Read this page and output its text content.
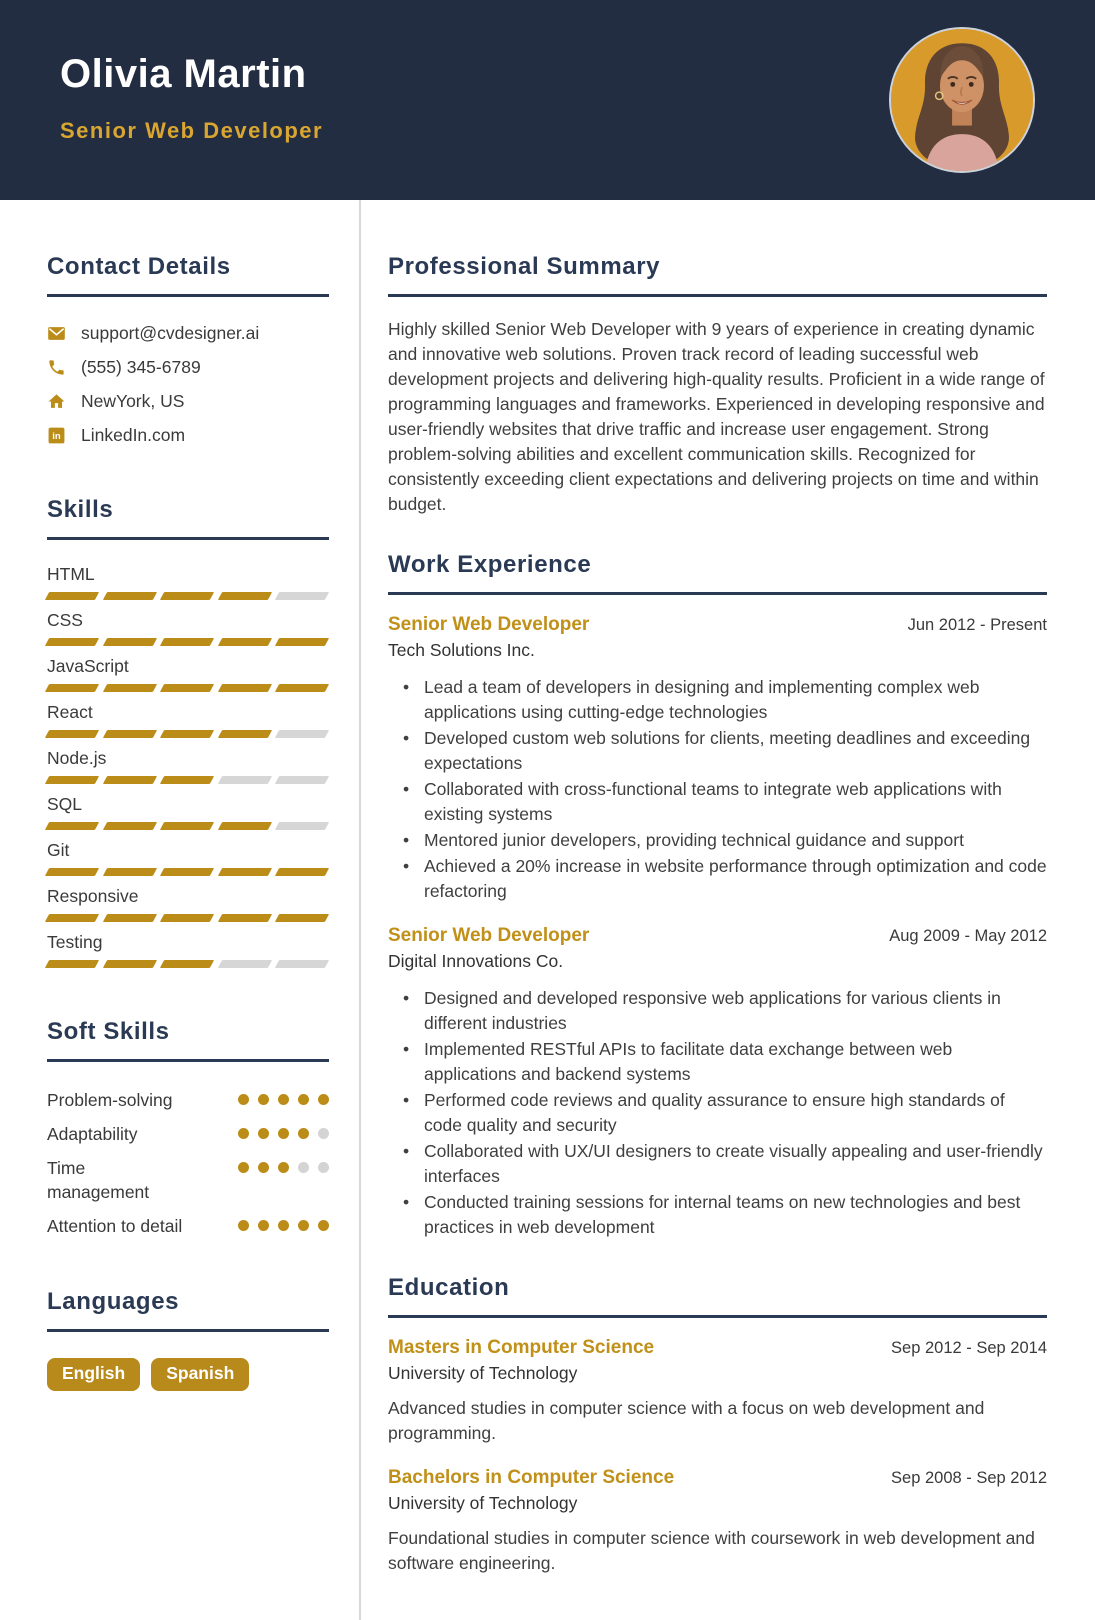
Olivia Martin
Senior Web Developer
Contact Details
support@cvdesigner.ai
(555) 345-6789
NewYork, US
in LinkedIn.com
Skills
HTML
CSS
JavaScript
React
Node.js
SQL
Git
Responsive
Testing
Soft Skills
Problem-solving
Adaptability
Time
management
Attention to detail
Languages
English	Spanish
Professional Summary

Highly skilled Senior Web Developer with 9 years of experience in creating dynamic and innovative web solutions. Proven track record of leading successful web development projects and delivering high-quality results. Proficient in a wide range of programming languages and frameworks. Experienced in developing responsive and user-friendly websites that drive traffic and increase user engagement. Strong problem-solving abilities and excellent communication skills. Recognized for consistently exceeding client expectations and delivering projects on time and within budget.

Work Experience
Senior Web Developer	Jun 2012 - Present
Tech Solutions Inc.
• Lead a team of developers in designing and implementing complex web applications using cutting-edge technologies
• Developed custom web solutions for clients, meeting deadlines and exceeding expectations
• Collaborated with cross-functional teams to integrate web applications with existing systems
• Mentored junior developers, providing technical guidance and support
• Achieved a 20% increase in website performance through optimization and code refactoring
Senior Web Developer	Aug 2009 - May 2012
Digital Innovations Co.
• Designed and developed responsive web applications for various clients in different industries
• Implemented RESTful APIs to facilitate data exchange between web applications and backend systems
• Performed code reviews and quality assurance to ensure high standards of code quality and security
• Collaborated with UX/UI designers to create visually appealing and user-friendly interfaces
• Conducted training sessions for internal teams on new technologies and best practices in web development
Education
Masters in Computer Science	Sep 2012 - Sep 2014
University of Technology

Advanced studies in computer science with a focus on web development and programming.

Bachelors in Computer Science	Sep 2008 - Sep 2012
University of Technology

Foundational studies in computer science with coursework in web development and software engineering.
